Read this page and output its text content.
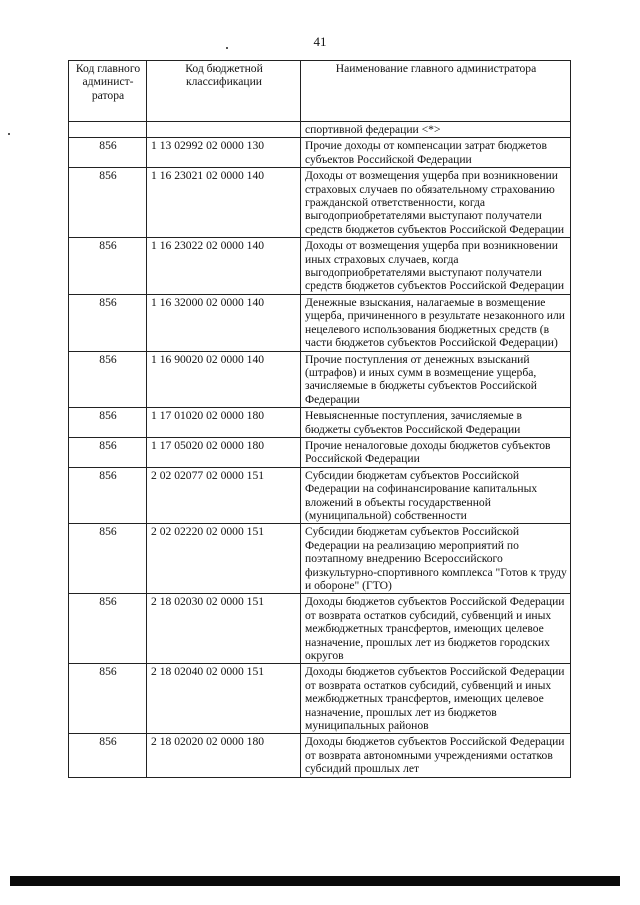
41
Код главного админист-ратора	Код бюджетной классификации	Наименование главного администратора
		спортивной федерации <*>
856	1 13 02992 02 0000 130	Прочие доходы от компенсации затрат бюджетов субъектов Российской Федерации
856	1 16 23021 02 0000 140	Доходы от возмещения ущерба при возникновении страховых случаев по обязательному страхованию гражданской ответственности, когда выгодоприобретателями выступают получатели средств бюджетов субъектов Российской Федерации
856	1 16 23022 02 0000 140	Доходы от возмещения ущерба при возникновении иных страховых случаев, когда выгодоприобретателями выступают получатели средств бюджетов субъектов Российской Федерации
856	1 16 32000 02 0000 140	Денежные взыскания, налагаемые в возмещение ущерба, причиненного в результате незаконного или нецелевого использования бюджетных средств (в части бюджетов субъектов Российской Федерации)
856	1 16 90020 02 0000 140	Прочие поступления от денежных взысканий (штрафов) и иных сумм в возмещение ущерба, зачисляемые в бюджеты субъектов Российской Федерации
856	1 17 01020 02 0000 180	Невыясненные поступления, зачисляемые в бюджеты субъектов Российской Федерации
856	1 17 05020 02 0000 180	Прочие неналоговые доходы бюджетов субъектов Российской Федерации
856	2 02 02077 02 0000 151	Субсидии бюджетам субъектов Российской Федерации на софинансирование капитальных вложений в объекты государственной (муниципальной) собственности
856	2 02 02220 02 0000 151	Субсидии бюджетам субъектов Российской Федерации на реализацию мероприятий по поэтапному внедрению Всероссийского физкультурно-спортивного комплекса "Готов к труду и обороне" (ГТО)
856	2 18 02030 02 0000 151	Доходы бюджетов субъектов Российской Федерации от возврата остатков субсидий, субвенций и иных межбюджетных трансфертов, имеющих целевое назначение, прошлых лет из бюджетов городских округов
856	2 18 02040 02 0000 151	Доходы бюджетов субъектов Российской Федерации от возврата остатков субсидий, субвенций и иных межбюджетных трансфертов, имеющих целевое назначение, прошлых лет из бюджетов муниципальных районов
856	2 18 02020 02 0000 180	Доходы бюджетов субъектов Российской Федерации от возврата автономными учреждениями остатков субсидий прошлых лет
